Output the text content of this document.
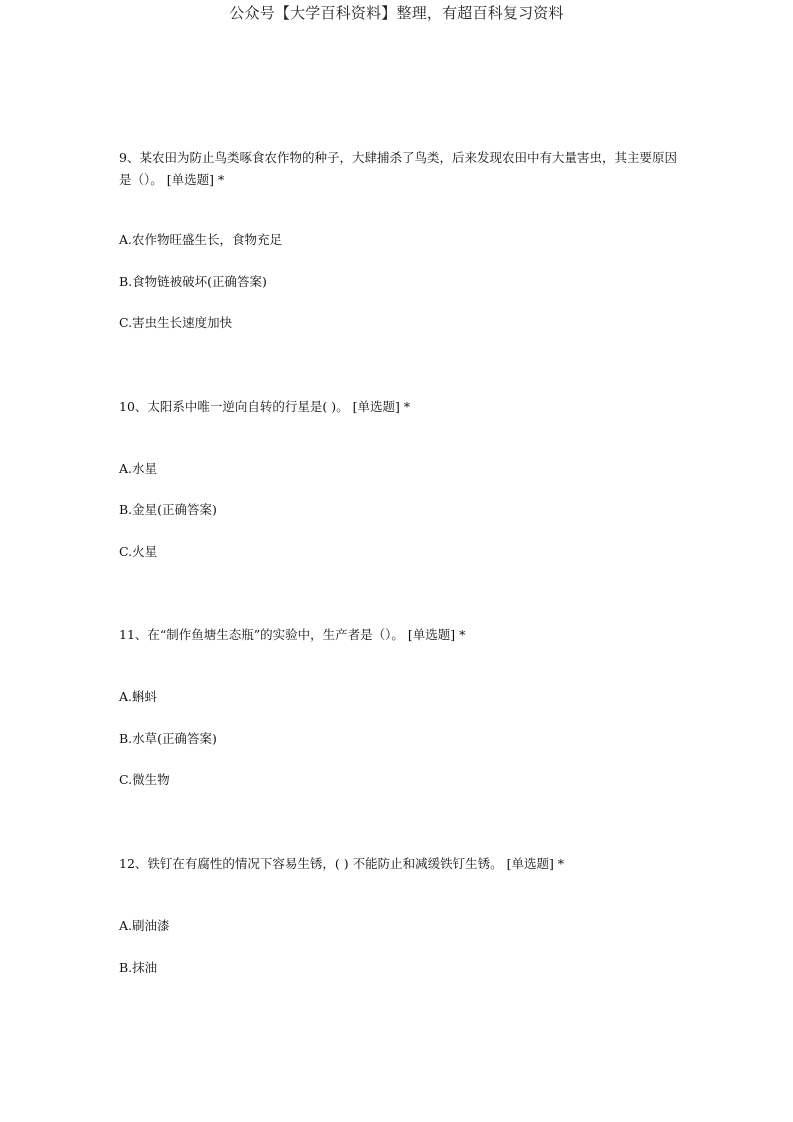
公众号【大学百科资料】整理，有超百科复习资料

9、某农田为防止鸟类啄食农作物的种子，大肆捕杀了鸟类，后来发现农田中有大量害虫，其主要原因是（）。 [单选题] *

A.农作物旺盛生长，食物充足
B.食物链被破坏(正确答案)
C.害虫生长速度加快

10、太阳系中唯一逆向自转的行星是( )。 [单选题] *

A.水星
B.金星(正确答案)
C.火星

11、在“制作鱼塘生态瓶”的实验中，生产者是（）。 [单选题] *

A.蝌蚪
B.水草(正确答案)
C.微生物

12、铁钉在有腐性的情况下容易生锈，( ) 不能防止和减缓铁钉生锈。 [单选题] *

A.刷油漆
B.抹油
